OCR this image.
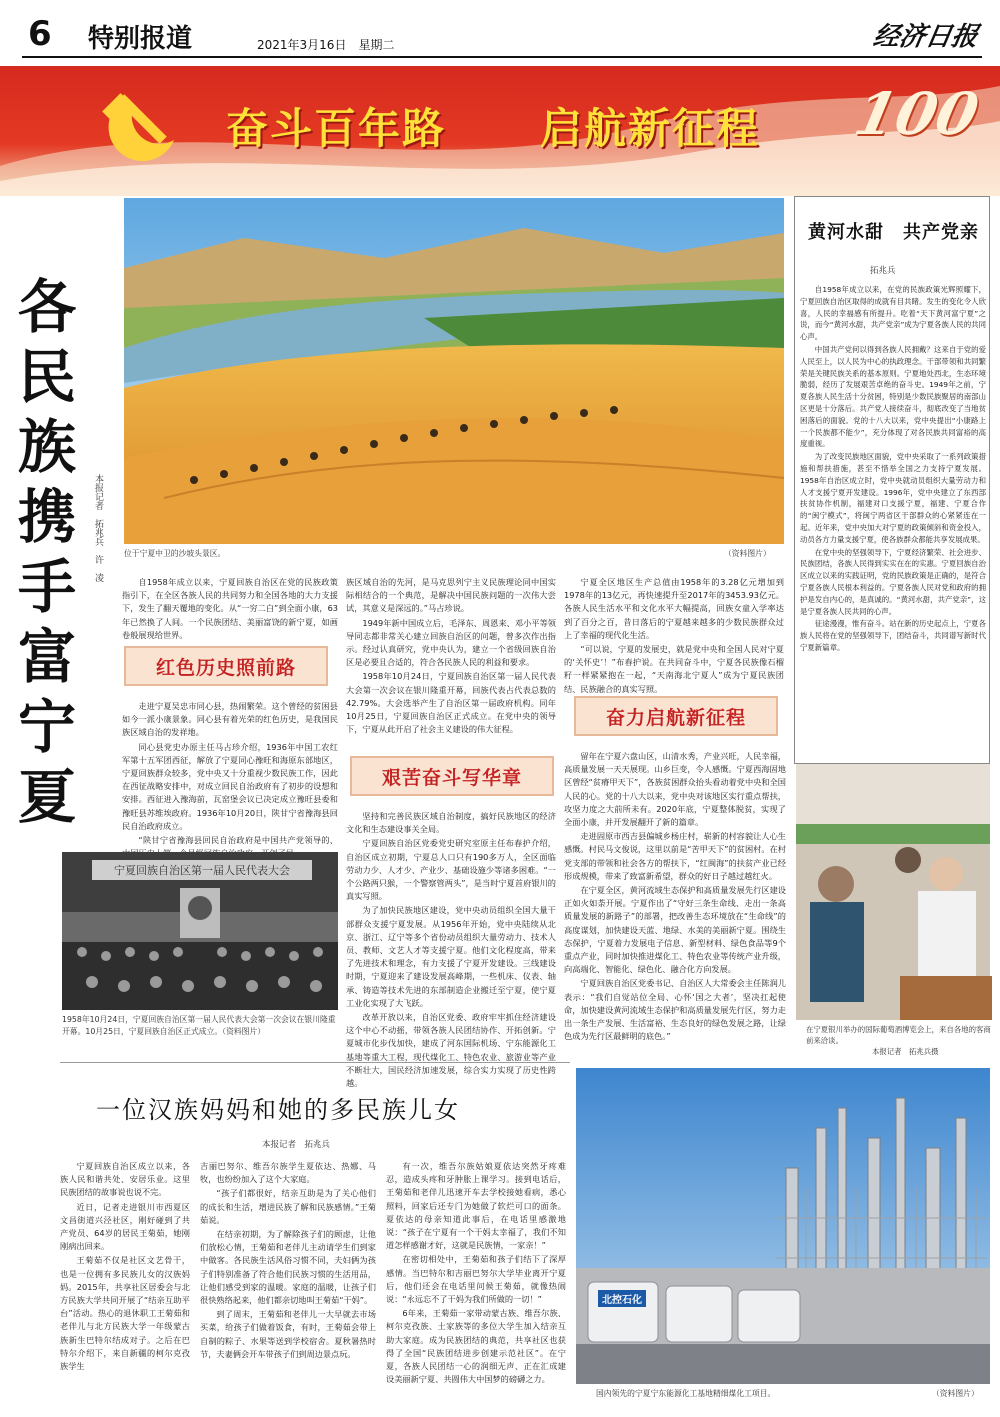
6 特别报道	2021年3月16日　星期二	经济日报
奋斗百年路 启航新征程 100
各
民
族
携
手
富
宁
夏
本报记者　拓兆兵　许　凌	位于宁夏中卫的沙坡头景区。	（资料图片）
黄河水甜　共产党亲
拓兆兵

自1958年成立以来，在党的民族政策光辉照耀下，宁夏回族自治区取得的成就有目共睹。发生的变化令人欣喜，人民的幸福感有所提升。吃着“天下黄河富宁夏”之说，而今“黄河水甜，共产党亲”成为宁夏各族人民的共同心声。

中国共产党何以得到各族人民拥戴？这来自于党的爱人民至上，以人民为中心的执政理念。干部带领和共同繁荣是关键民族关系的基本原则。宁夏地处西北，生态环境脆弱，经历了发展艰苦卓绝的奋斗史。1949年之前，宁夏各族人民生活十分贫困，特别是少数民族聚居的南部山区更是十分落后。共产党人接续奋斗，彻底改变了当地贫困落后的面貌。党的十八大以来，党中央提出“小康路上一个民族都不能少”，充分体现了对各民族共同富裕的高度重视。

为了改变民族地区面貌，党中央采取了一系列政策措施和帮扶措施，甚至不惜举全国之力支持宁夏发展。1958年自治区成立时，党中央就动员组织大量劳动力和人才支援宁夏开发建设。1996年，党中央建立了东西部扶贫协作机制，福建对口支援宁夏，福建、宁夏合作的“闽宁模式”，将闽宁两省区干部群众的心紧紧连在一起。近年来，党中央加大对宁夏的政策倾斜和资金投入，动员各方力量支援宁夏，使各族群众都能共享发展成果。

在党中央的坚强领导下，宁夏经济繁荣、社会进步、民族团结，各族人民得到实实在在的实惠。宁夏回族自治区成立以来的实践证明，党的民族政策是正确的，是符合宁夏各族人民根本利益的。宁夏各族人民对党和政府的拥护是发自内心的，是真诚的。“黄河水甜，共产党亲”，这是宁夏各族人民共同的心声。

征途漫漫，惟有奋斗。站在新的历史起点上，宁夏各族人民将在党的坚强领导下，团结奋斗，共同谱写新时代宁夏新篇章。

自1958年成立以来，宁夏回族自治区在党的民族政策指引下，在全区各族人民的共同努力和全国各地的大力支援下，发生了翻天覆地的变化。从“一穷二白”到全面小康，63年已然换了人间。一个民族团结、美丽富饶的新宁夏，如画卷般展现给世界。

红色历史照前路

走进宁夏吴忠市同心县，热闹繁荣。这个曾经的贫困县如今一派小康景象。同心县有着光荣的红色历史，是我国民族区域自治的发祥地。

同心县党史办原主任马占珍介绍，1936年中国工农红军第十五军团西征，解放了宁夏同心豫旺和海原东部地区，宁夏回族群众较多，党中央又十分重视少数民族工作，因此在西征战略安排中，对成立回民自治政府有了初步的设想和安排。西征进入豫海前，瓦窑堡会议已决定成立豫旺县委和豫旺县苏维埃政府。1936年10月20日，陕甘宁省豫海县回民自治政府成立。

“陕甘宁省豫海县回民自治政府是中国共产党领导的、

族区域自治的先河，是马克思列宁主义民族理论同中国实际相结合的一个典范，是解决中国民族问题的一次伟大尝试，其意义是深远的。”马占珍说。

1949年新中国成立后，毛泽东、周恩来、邓小平等领导同志都非常关心建立回族自治区的问题，曾多次作出指示。经过认真研究，党中央认为，建立一个省级回族自治区是必要且合适的，符合各民族人民的利益和要求。

1958年10月24日，宁夏回族自治区第一届人民代表大会第一次会议在银川隆重开幕，回族代表占代表总数的42.79%。大会选举产生了自治区第一届政府机构。同年10月25日，宁夏回族自治区正式成立。在党中央的领导下，宁夏从此开启了社会主义建设的伟大征程。

艰苦奋斗写华章

坚持和完善民族区域自治制度，搞好民族地区的经济文化和生态建设事关全局。

宁夏回族自治区党委党史研究室原主任布春护介绍，自治区成立初期，宁夏总人口只有190多万人，全区面临劳动力少、人才少、产业少、基础设施少等诸多困难。“一个公路两只猴，一个警察管两头”，是当时宁夏首府银川的真实写照。

为了加快民族地区建设，党中央动员组织全国大量干部群众支援宁夏发展。从1956年开始，党中央陆续从北京、浙江、辽宁等多个省份动员组织大量劳动力、技术人员、教师、文艺人才等支援宁夏。他们文化程度高，带来了先进技术和理念，有力支援了宁夏开发建设。三线建设时期，宁夏迎来了建设发展高峰期，一些机床、仪表、轴承、铸造等技术先进的东部制造企业搬迁至宁夏，使宁夏工业化实现了大飞跃。

改革开放以来，自治区党委、政府牢牢抓住经济建设这个中心不动摇，带领各族人民团结协作、开拓创新。宁夏城市化步伐加快，建成了河东国际机场、宁东能源化工基地等重大工程，现代煤化工、特色农业、旅游业等产业不断壮大，国民经济加速发展，综合实力实现了历史性跨越。

宁夏回族自治区第一届人民代表大会
1958年10月24日，宁夏回族自治区第一届人民代表大会第一次会议在银川隆重开幕。10月25日，宁夏回族自治区正式成立。（资料图片）

宁夏全区地区生产总值由1958年的3.28亿元增加到1978年的13亿元，再快速提升至2017年的3453.93亿元。各族人民生活水平和文化水平大幅提高，回族女童入学率达到了百分之百，昔日落后的宁夏越来越多的少数民族群众过上了幸福的现代化生活。

“可以说，宁夏的发展史，就是党中央和全国人民对宁夏的‘关怀史’！”布春护说。在共同奋斗中，宁夏各民族像石榴籽一样紧紧抱在一起，“天南海北宁夏人”成为宁夏民族团结、民族融合的真实写照。

奋力启航新征程

留年在宁夏六盘山区，山清水秀，产业兴旺，人民幸福，高质量发展一天天展现。山乡巨变，令人感慨。宁夏西海固地区曾经“贫瘠甲天下”，各族贫困群众抬头看动着党中央和全国人民的心。党的十八大以来，党中央对该地区实行重点帮扶，攻坚力度之大前所未有。2020年底，宁夏整体脱贫，实现了全面小康，并开发展翻开了新的篇章。

走进固原市西吉县偏城乡杨庄村，崭新的村容貌让人心生感慨。村民马文俊说，这里以前是“苦甲天下”的贫困村。在村党支部的带领和社会各方的帮扶下，“红闽海”的扶贫产业已经形成规模，带来了致富新希望，群众的好日子越过越红火。

在宁夏全区，黄河流域生态保护和高质量发展先行区建设正如火如荼开展。宁夏作出了“守好三条生命线、走出一条高质量发展的新路子”的部署，把改善生态环境放在“生命线”的高度谋划，加快建设天蓝、地绿、水美的美丽新宁夏。围绕生态保护，宁夏着力发展电子信息、新型材料、绿色食品等9个重点产业，同时加快推进煤化工、特色农业等传统产业升级，向高端化、智能化、绿色化、融合化方向发展。

宁夏回族自治区党委书记、自治区人大常委会主任陈润儿表示：“我们自觉站位全局、心怀‘国之大者’，坚决扛起使命，加快建设黄河流域生态保护和高质量发展先行区，努力走出一条生产发展、生活富裕、生态良好的绿色发展之路，让绿色成为先行区最鲜明的底色。”

在宁夏银川举办的国际葡萄酒博览会上，来自各地的客商前来洽谈。
本报记者　拓兆兵摄
一位汉族妈妈和她的多民族儿女
本报记者　拓兆兵

宁夏回族自治区成立以来，各族人民和谐共处、安居乐业。这里民族团结的故事说也说不完。

近日，记者走进银川市西夏区文昌街道兴泾社区，刚好碰到了共产党员、64岁的居民王菊茹，她刚刚病出回来。

王菊茹不仅是社区文艺骨干，也是一位拥有多民族儿女的汉族妈妈。2015年，共享社区居委会与北方民族大学共同开展了“结亲互助平台”活动。热心的退休职工王菊茹和老伴儿与北方民族大学一年级蒙古族新生巴特尔结成对子。之后在巴特尔介绍下，来自新疆的柯尔克孜族学生

吉丽巴努尔、维吾尔族学生夏依达、热娜、马牧，也纷纷加入了这个大家庭。

“孩子们都很好，结亲互助是为了关心他们的成长和生活，增进民族了解和民族感情。”王菊茹说。

在结亲初期，为了解除孩子们的顾虑，让他们放松心情，王菊茹和老伴儿主动请学生们到家中做客。各民族生活风俗习惯不同，夫妇俩为孩子们特别准备了符合他们民族习惯的生活用品，让他们感受到家的温暖。家庭的温暖，让孩子们很快熟络起来，他们都亲切地叫王菊茹“干妈”。

到了周末，王菊茹和老伴儿一大早就去市场买菜，给孩子们做着饭食，有时，王菊茹会带上自制的粽子、水果等送到学校宿舍。夏秋暑热时节，夫妻俩会开车带孩子们到周边景点玩。

有一次，维吾尔族姑娘夏依达突然牙疼难忍，造成头疼和牙肿胀上课学习。接到电话后，王菊茹和老伴儿迅速开车去学校接她看病，悉心照料，回家后还专门为她做了软烂可口的面条。夏依达的母亲知道此事后，在电话里感激地说：“孩子在宁夏有一个干妈太幸福了，我们不知道怎样感谢才好，这就是民族情，一家亲！”

在密切相处中，王菊茹和孩子们结下了深厚感情。当巴特尔和吉丽巴努尔大学毕业离开宁夏后，他们还会在电话里问候王菊茹，就像热闹说：“永远忘不了干妈为我们所做的一切！”

6年来，王菊茹一家带动蒙古族、维吾尔族、柯尔克孜族、土家族等的多位大学生加入结亲互助大家庭。成为民族团结的典范，共享社区也获得了全国“民族团结进步创建示范社区”。在宁夏，各族人民团结一心的润细无声、正在汇成建设美丽新宁夏、共圆伟大中国梦的磅礴之力。

北控石化
国内领先的宁夏宁东能源化工基地精细煤化工项目。	（资料图片）
